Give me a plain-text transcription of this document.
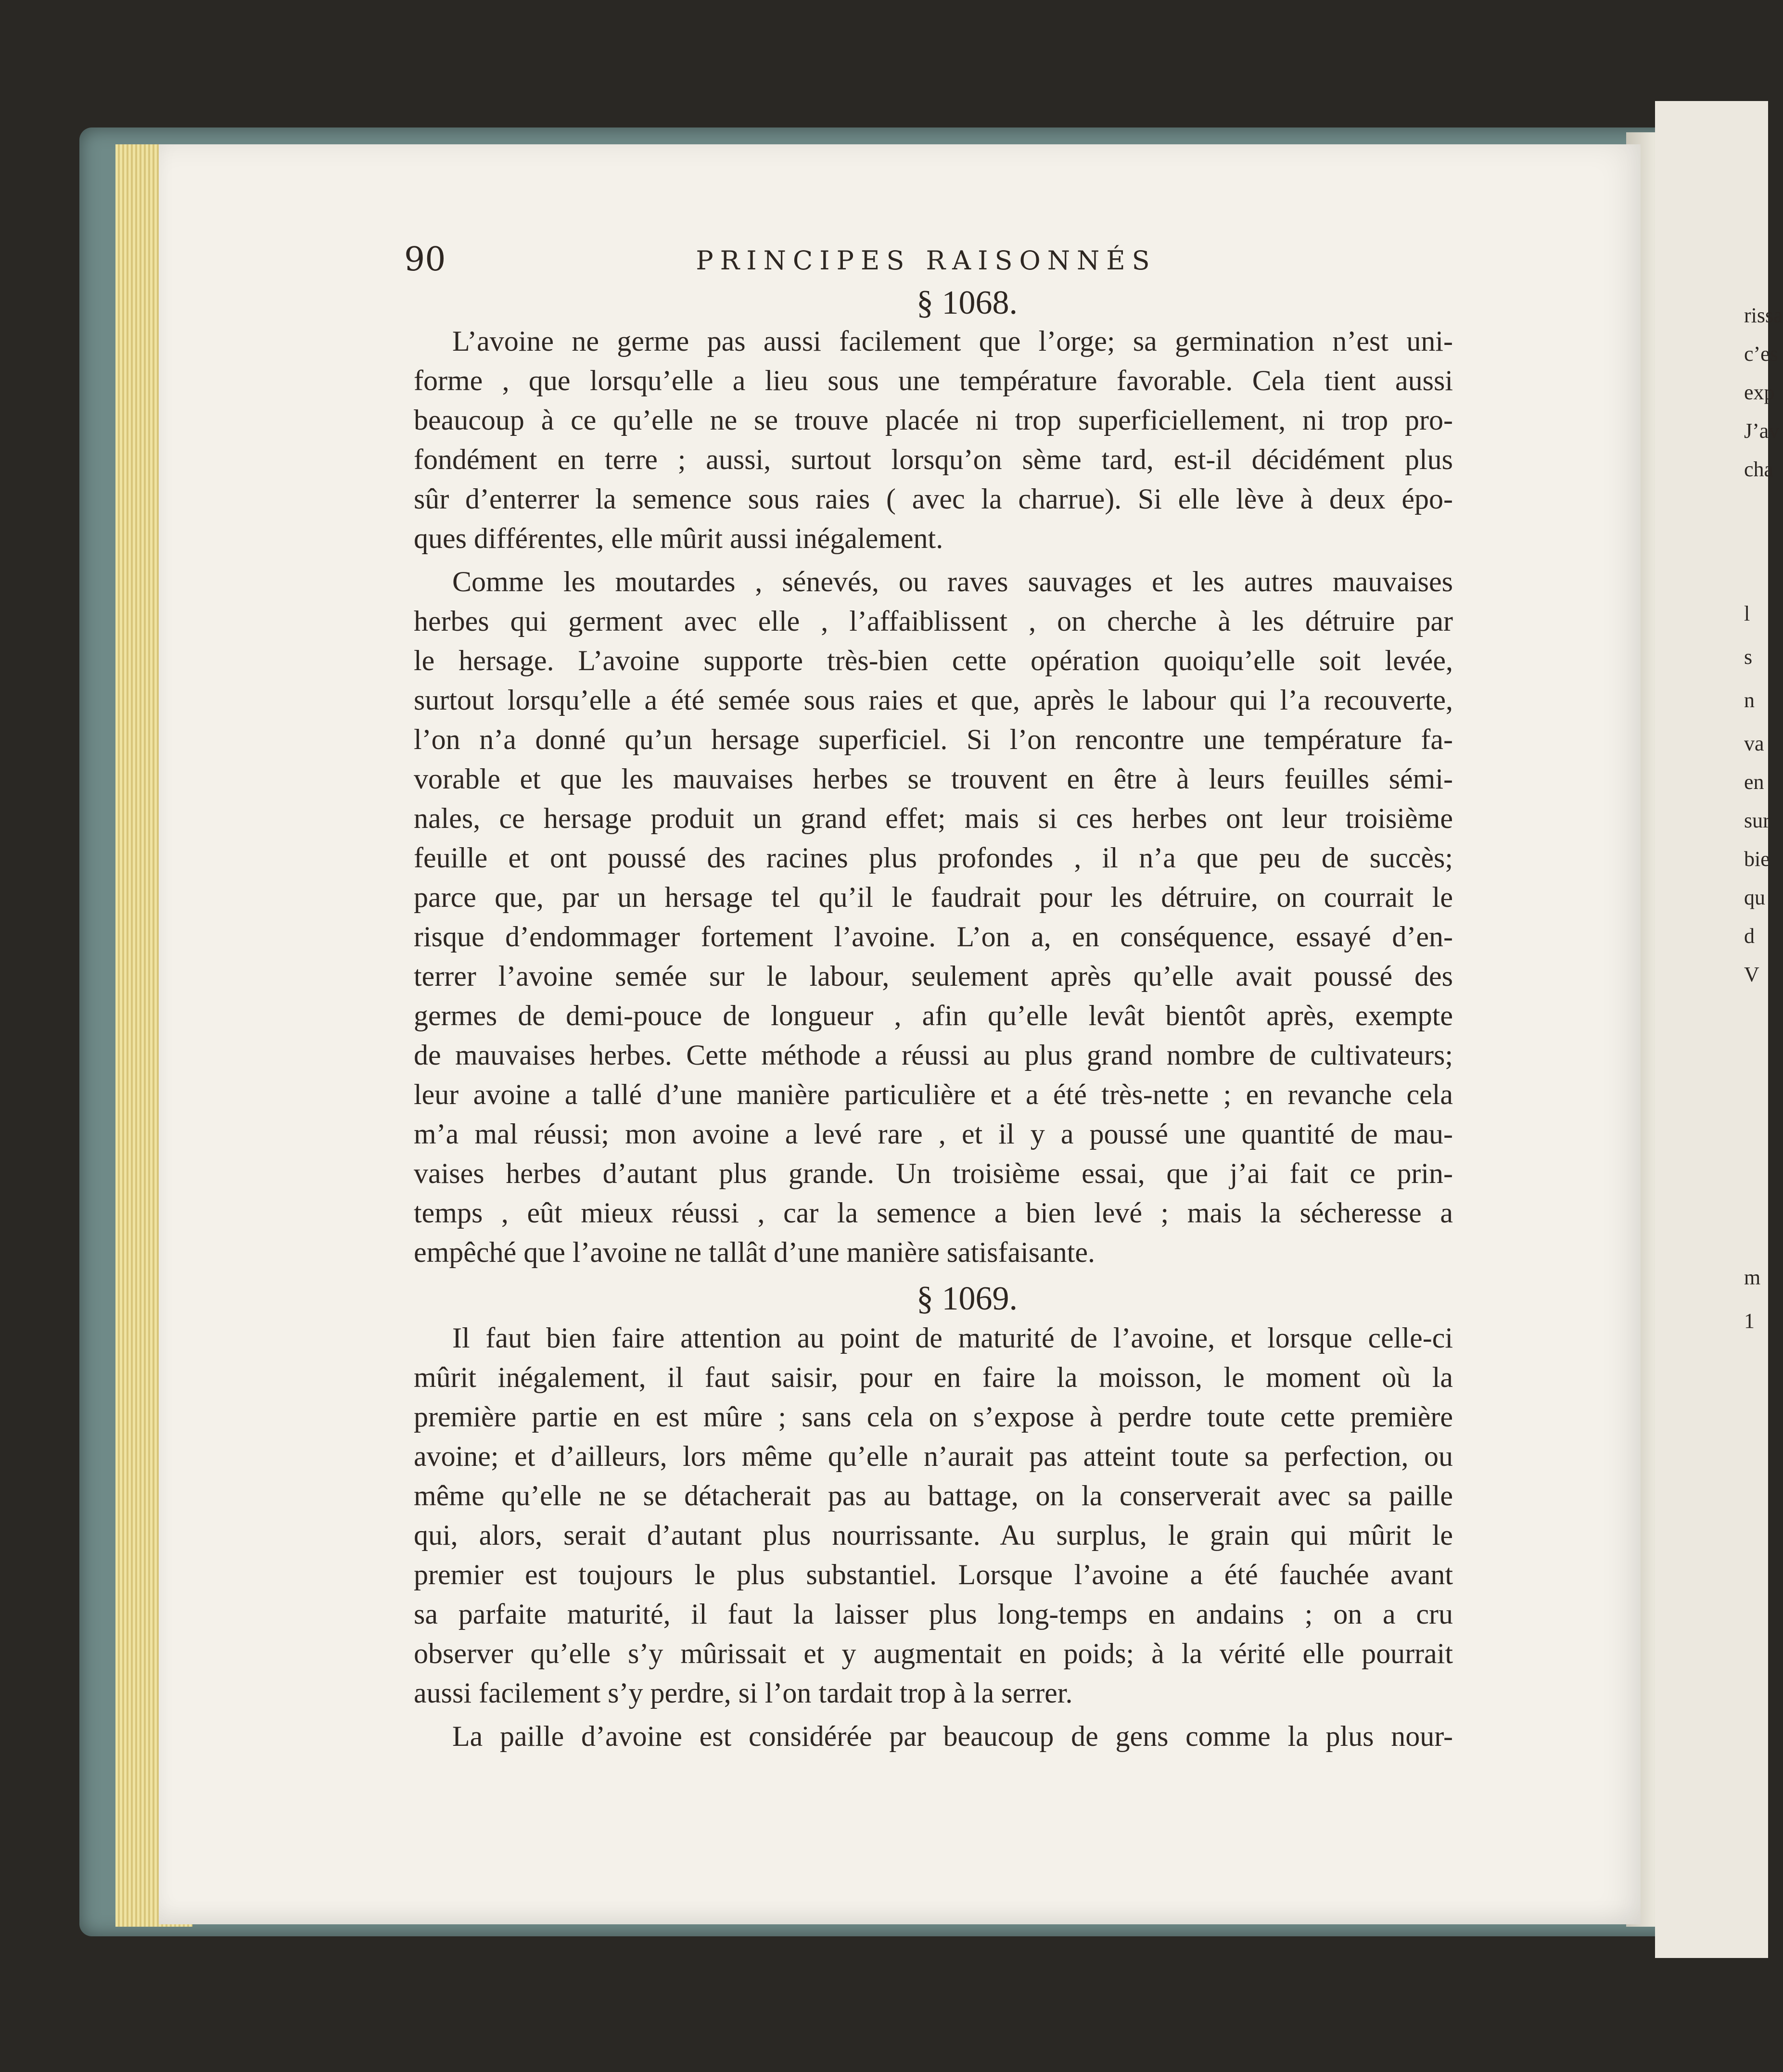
rissa
c’es
exp
J’av
cha
l
s
n
va
en
sur
bie
qu
d
V
m
1
90	PRINCIPES RAISONNÉS
§ 1068.
L’avoine ne germe pas aussi facilement que l’orge; sa germination n’est uni-
forme , que lorsqu’elle a lieu sous une température favorable. Cela tient aussi
beaucoup à ce qu’elle ne se trouve placée ni trop superficiellement, ni trop pro-
fondément en terre ; aussi, surtout lorsqu’on sème tard, est-il décidément plus
sûr d’enterrer la semence sous raies ( avec la charrue). Si elle lève à deux épo-
ques différentes, elle mûrit aussi inégalement.
Comme les moutardes , sénevés, ou raves sauvages et les autres mauvaises
herbes qui germent avec elle , l’affaiblissent , on cherche à les détruire par
le hersage. L’avoine supporte très-bien cette opération quoiqu’elle soit levée,
surtout lorsqu’elle a été semée sous raies et que, après le labour qui l’a recouverte,
l’on n’a donné qu’un hersage superficiel. Si l’on rencontre une température fa-
vorable et que les mauvaises herbes se trouvent en être à leurs feuilles sémi-
nales, ce hersage produit un grand effet; mais si ces herbes ont leur troisième
feuille et ont poussé des racines plus profondes , il n’a que peu de succès;
parce que, par un hersage tel qu’il le faudrait pour les détruire, on courrait le
risque d’endommager fortement l’avoine. L’on a, en conséquence, essayé d’en-
terrer l’avoine semée sur le labour, seulement après qu’elle avait poussé des
germes de demi-pouce de longueur , afin qu’elle levât bientôt après, exempte
de mauvaises herbes. Cette méthode a réussi au plus grand nombre de cultivateurs;
leur avoine a tallé d’une manière particulière et a été très-nette ; en revanche cela
m’a mal réussi; mon avoine a levé rare , et il y a poussé une quantité de mau-
vaises herbes d’autant plus grande. Un troisième essai, que j’ai fait ce prin-
temps , eût mieux réussi , car la semence a bien levé ; mais la sécheresse a
empêché que l’avoine ne tallât d’une manière satisfaisante.
§ 1069.
Il faut bien faire attention au point de maturité de l’avoine, et lorsque celle-ci
mûrit inégalement, il faut saisir, pour en faire la moisson, le moment où la
première partie en est mûre ; sans cela on s’expose à perdre toute cette première
avoine; et d’ailleurs, lors même qu’elle n’aurait pas atteint toute sa perfection, ou
même qu’elle ne se détacherait pas au battage, on la conserverait avec sa paille
qui, alors, serait d’autant plus nourrissante. Au surplus, le grain qui mûrit le
premier est toujours le plus substantiel. Lorsque l’avoine a été fauchée avant
sa parfaite maturité, il faut la laisser plus long-temps en andains ; on a cru
observer qu’elle s’y mûrissait et y augmentait en poids; à la vérité elle pourrait
aussi facilement s’y perdre, si l’on tardait trop à la serrer.
La paille d’avoine est considérée par beaucoup de gens comme la plus nour-
